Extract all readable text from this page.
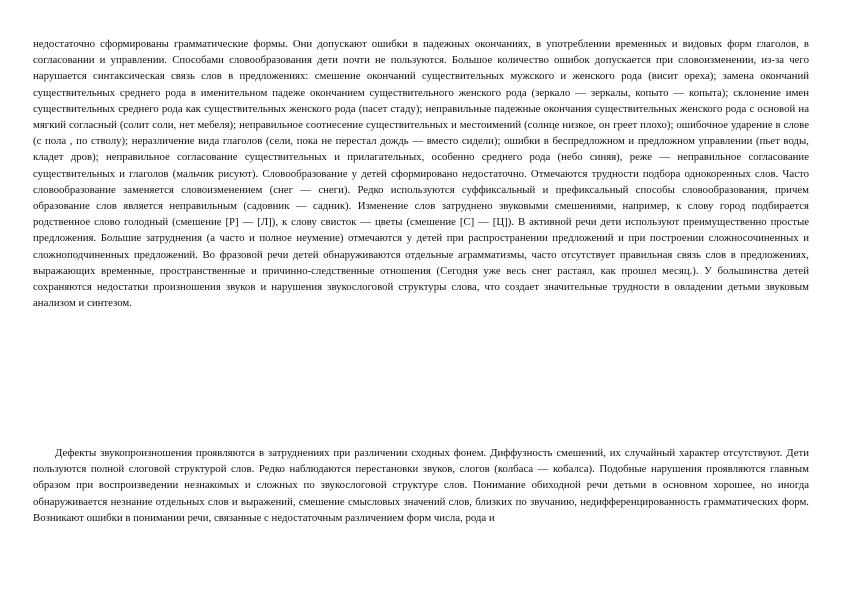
недостаточно сформированы грамматические формы. Они допускают ошибки в падежных окончаниях, в употреблении временных и видовых форм глаголов, в согласовании и управлении. Способами словообразования дети почти не пользуются. Большое количество ошибок допускается при словоизменении, из-за чего нарушается синтаксическая связь слов в предложениях: смешение окончаний существительных мужского и женского рода (висит ореха); замена окончаний существительных среднего рода в именительном падеже окончанием существительного женского рода (зеркало — зеркалы, копыто — копыта); склонение имен существительных среднего рода как существительных женского рода (пасет стаду); неправильные падежные окончания существительных женского рода с основой на мягкий согласный (солит соли, нет мебеля); неправильное соотнесение существительных и местоимений (солнце низкое, он греет плохо); ошибочное ударение в слове (с пола , по стволу); неразличение вида глаголов (сели, пока не перестал дождь — вместо сидели); ошибки в беспредложном и предложном управлении (пьет воды, кладет дров); неправильное согласование существительных и прилагательных, особенно среднего рода (небо синяя), реже — неправильное согласование существительных и глаголов (мальчик рисуют). Словообразование у детей сформировано недостаточно. Отмечаются трудности подбора однокоренных слов. Часто словообразование заменяется словоизменением (снег — снеги). Редко используются суффиксальный и префиксальный способы словообразования, причем образование слов является неправильным (садовник — садник). Изменение слов затруднено звуковыми смешениями, например, к слову город подбирается родственное слово голодный (смешение [Р] — [Л]), к слову свисток — цветы (смешение [С] — [Ц]). В активной речи дети используют преимущественно простые предложения. Большие затруднения (а часто и полное неумение) отмечаются у детей при распространении предложений и при построении сложносочиненных и сложноподчиненных предложений. Во фразовой речи детей обнаруживаются отдельные аграмматизмы, часто отсутствует правильная связь слов в предложениях, выражающих временные, пространственные и причинно-следственные отношения (Сегодня уже весь снег растаял, как прошел месяц.). У большинства детей сохраняются недостатки произношения звуков и нарушения звукослоговой структуры слова, что создает значительные трудности в овладении детьми звуковым анализом и синтезом.

Дефекты звукопроизношения проявляются в затруднениях при различении сходных фонем. Диффузность смешений, их случайный характер отсутствуют. Дети пользуются полной слоговой структурой слов. Редко наблюдаются перестановки звуков, слогов (колбаса — кобалса). Подобные нарушения проявляются главным образом при воспроизведении незнакомых и сложных по звукослоговой структуре слов. Понимание обиходной речи детьми в основном хорошее, но иногда обнаруживается незнание отдельных слов и выражений, смешение смысловых значений слов, близких по звучанию, недифференцированность грамматических форм. Возникают ошибки в понимании речи, связанные с недостаточным различением форм числа, рода и
